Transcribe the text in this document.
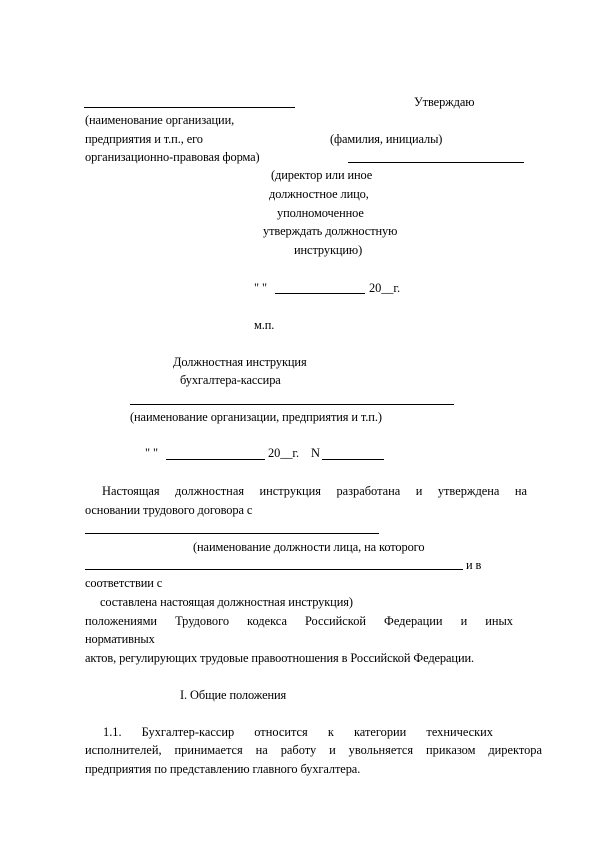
Утверждаю
(наименование организации,
предприятия и т.п., его	(фамилия, инициалы)
организационно-правовая форма)
(директор или иное
должностное лицо,
уполномоченное
утверждать должностную
инструкцию)
" "	20__г.
м.п.
Должностная инструкция
бухгалтера-кассира
(наименование организации, предприятия и т.п.)
" "	20__г. N
Настоящая должностная инструкция разработана и утверждена на
основании трудового договора с
(наименование должности лица, на которого
и в
соответствии с
составлена настоящая должностная инструкция)
положениями Трудового кодекса Российской Федерации и иных
нормативных
актов, регулирующих трудовые правоотношения в Российской Федерации.
I. Общие положения
1.1. Бухгалтер-кассир относится к категории технических
исполнителей, принимается на работу и увольняется приказом директора
предприятия по представлению главного бухгалтера.
